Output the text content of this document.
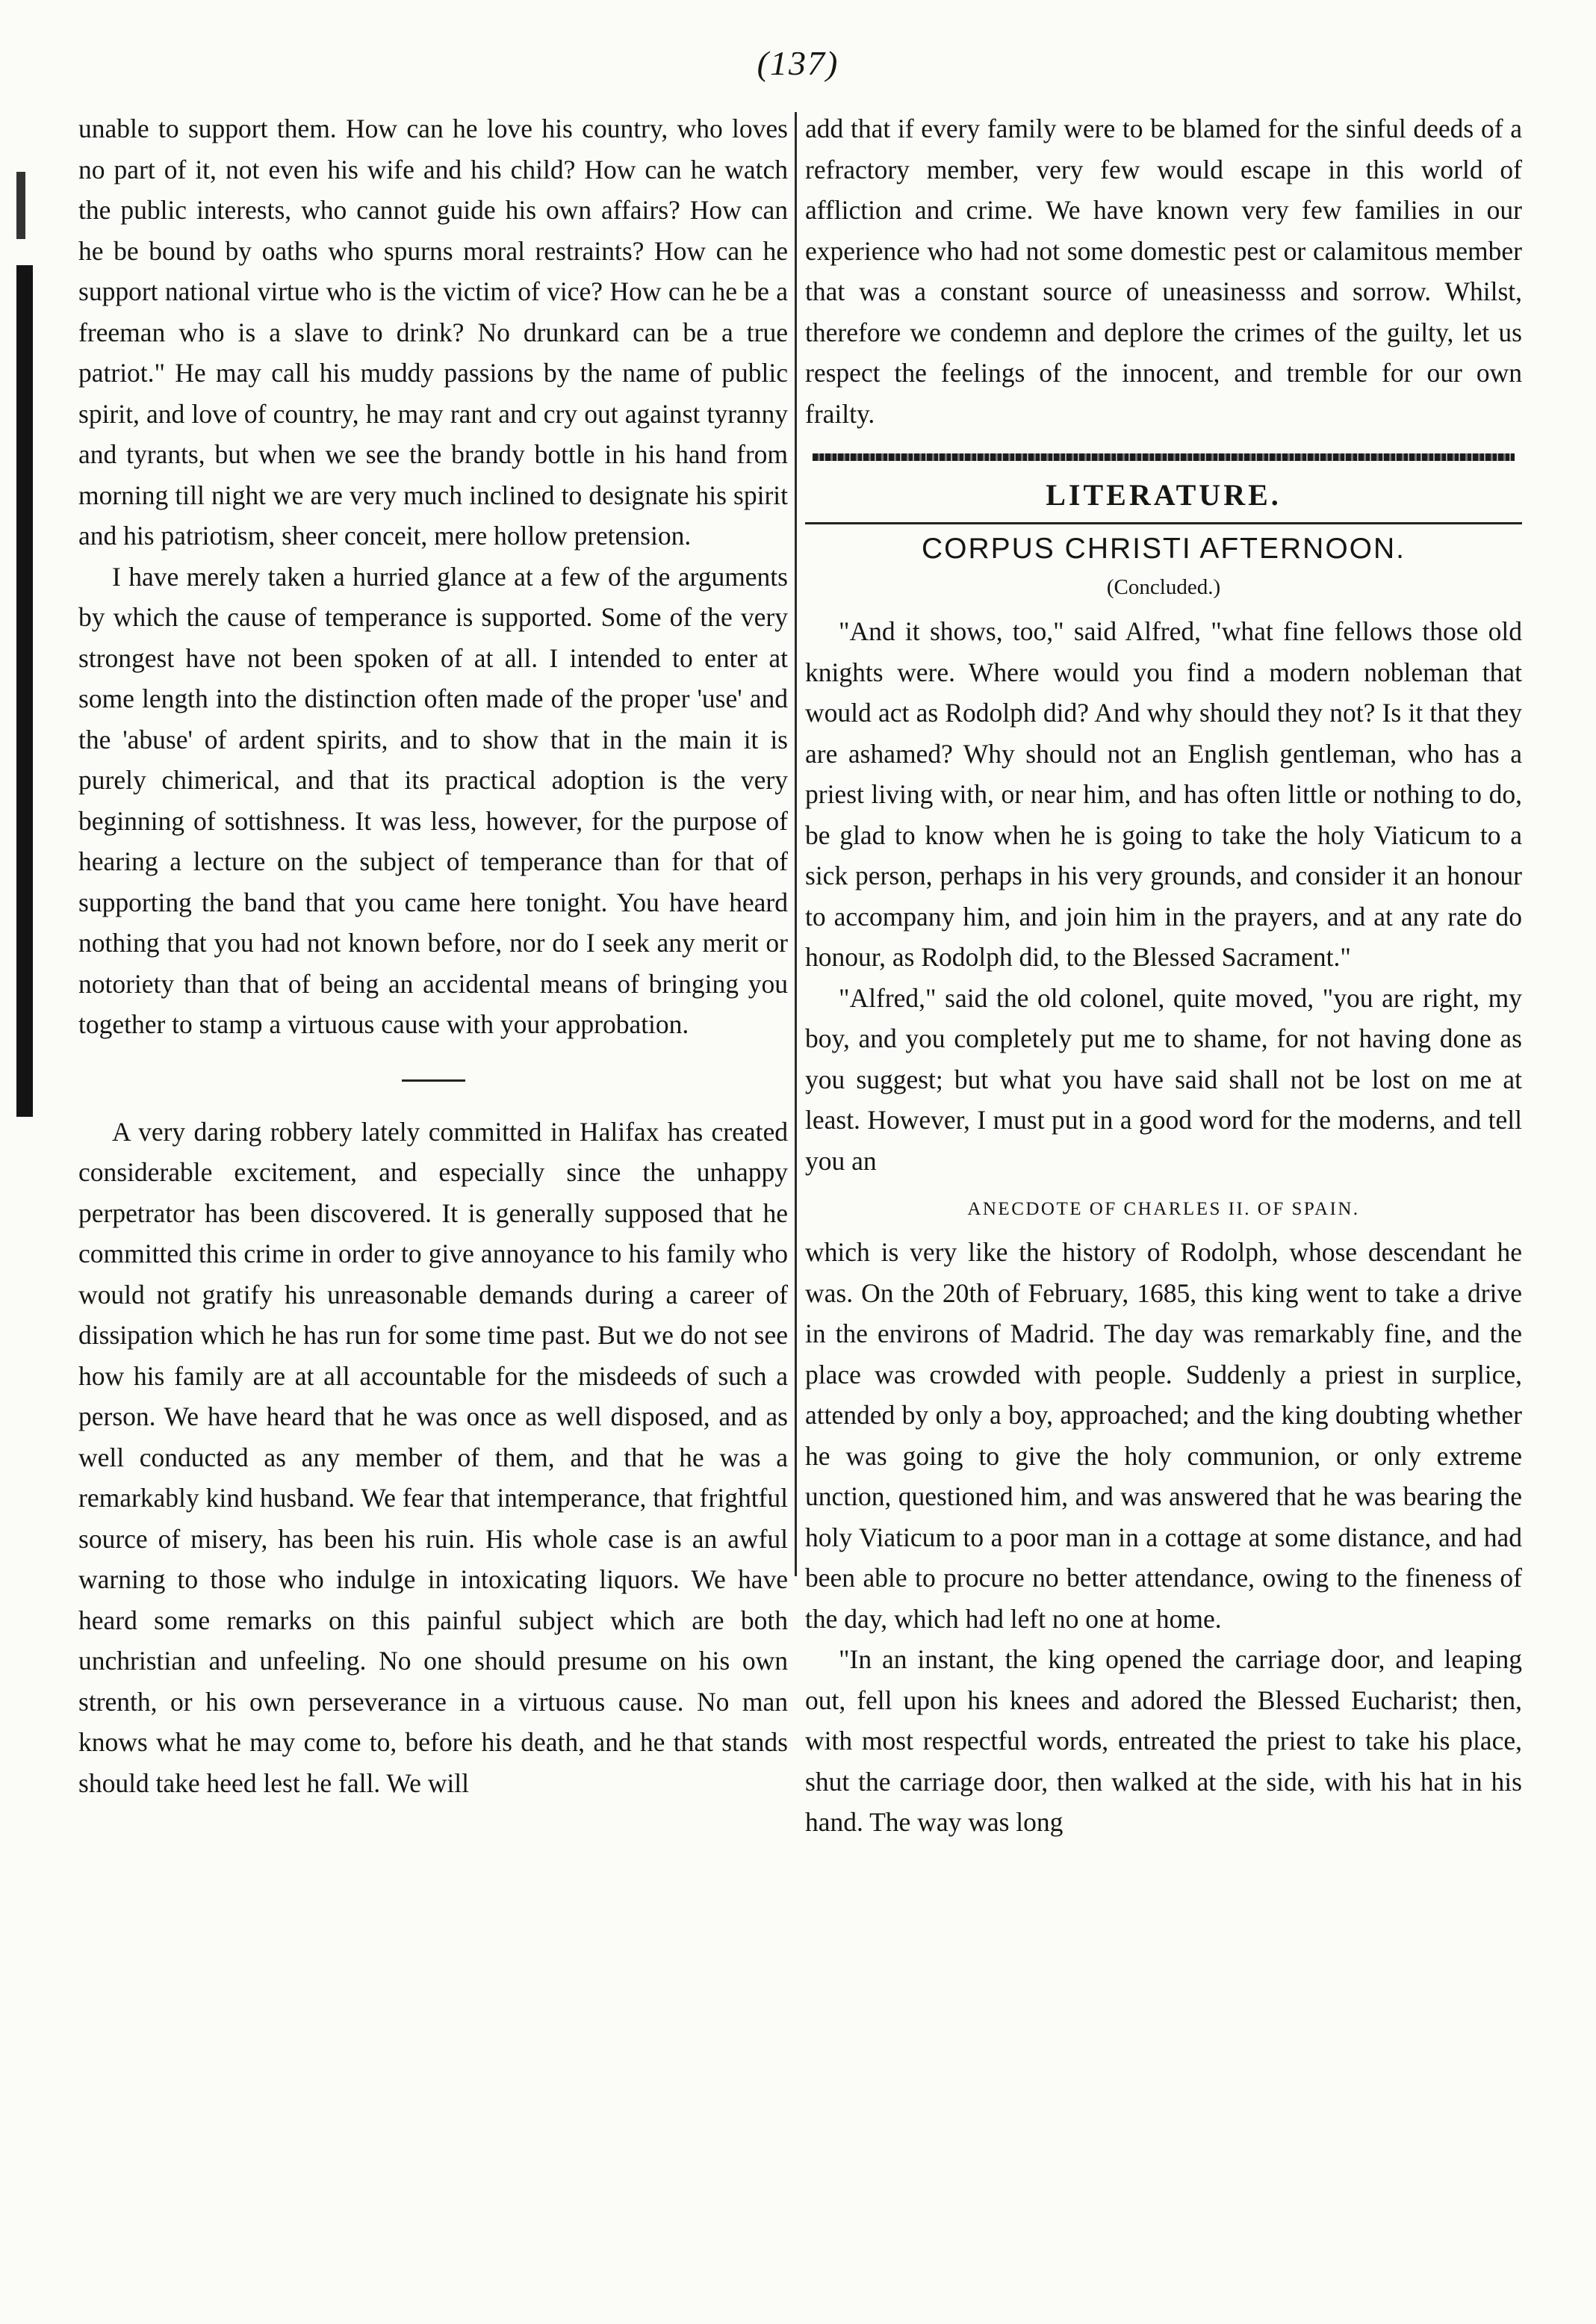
(137)

unable to support them. How can he love his country, who loves no part of it, not even his wife and his child? How can he watch the public interests, who cannot guide his own affairs? How can he be bound by oaths who spurns moral restraints? How can he support national virtue who is the victim of vice? How can he be a freeman who is a slave to drink? No drunkard can be a true patriot." He may call his muddy passions by the name of public spirit, and love of country, he may rant and cry out against tyranny and tyrants, but when we see the brandy bottle in his hand from morning till night we are very much inclined to designate his spirit and his patriotism, sheer conceit, mere hollow pretension.

I have merely taken a hurried glance at a few of the arguments by which the cause of temperance is supported. Some of the very strongest have not been spoken of at all. I intended to enter at some length into the distinction often made of the proper 'use' and the 'abuse' of ardent spirits, and to show that in the main it is purely chimerical, and that its practical adoption is the very beginning of sottishness. It was less, however, for the purpose of hearing a lecture on the subject of temperance than for that of supporting the band that you came here tonight. You have heard nothing that you had not known before, nor do I seek any merit or notoriety than that of being an accidental means of bringing you together to stamp a virtuous cause with your approbation.

A very daring robbery lately committed in Halifax has created considerable excitement, and especially since the unhappy perpetrator has been discovered. It is generally supposed that he committed this crime in order to give annoyance to his family who would not gratify his unreasonable demands during a career of dissipation which he has run for some time past. But we do not see how his family are at all accountable for the misdeeds of such a person. We have heard that he was once as well disposed, and as well conducted as any member of them, and that he was a remarkably kind husband. We fear that intemperance, that frightful source of misery, has been his ruin. His whole case is an awful warning to those who indulge in intoxicating liquors. We have heard some remarks on this painful subject which are both unchristian and unfeeling. No one should presume on his own strenth, or his own perseverance in a virtuous cause. No man knows what he may come to, before his death, and he that stands should take heed lest he fall. We will

add that if every family were to be blamed for the sinful deeds of a refractory member, very few would escape in this world of affliction and crime. We have known very few families in our experience who had not some domestic pest or calamitous member that was a constant source of uneasinesss and sorrow. Whilst, therefore we condemn and deplore the crimes of the guilty, let us respect the feelings of the innocent, and tremble for our own frailty.

LITERATURE.
CORPUS CHRISTI AFTERNOON.
(Concluded.)

"And it shows, too," said Alfred, "what fine fellows those old knights were. Where would you find a modern nobleman that would act as Rodolph did? And why should they not? Is it that they are ashamed? Why should not an English gentleman, who has a priest living with, or near him, and has often little or nothing to do, be glad to know when he is going to take the holy Viaticum to a sick person, perhaps in his very grounds, and consider it an honour to accompany him, and join him in the prayers, and at any rate do honour, as Rodolph did, to the Blessed Sacrament."

"Alfred," said the old colonel, quite moved, "you are right, my boy, and you completely put me to shame, for not having done as you suggest; but what you have said shall not be lost on me at least. However, I must put in a good word for the moderns, and tell you an

ANECDOTE OF CHARLES II. OF SPAIN.

which is very like the history of Rodolph, whose descendant he was. On the 20th of February, 1685, this king went to take a drive in the environs of Madrid. The day was remarkably fine, and the place was crowded with people. Suddenly a priest in surplice, attended by only a boy, approached; and the king doubting whether he was going to give the holy communion, or only extreme unction, questioned him, and was answered that he was bearing the holy Viaticum to a poor man in a cottage at some distance, and had been able to procure no better attendance, owing to the fineness of the day, which had left no one at home.

"In an instant, the king opened the carriage door, and leaping out, fell upon his knees and adored the Blessed Eucharist; then, with most respectful words, entreated the priest to take his place, shut the carriage door, then walked at the side, with his hat in his hand. The way was long
